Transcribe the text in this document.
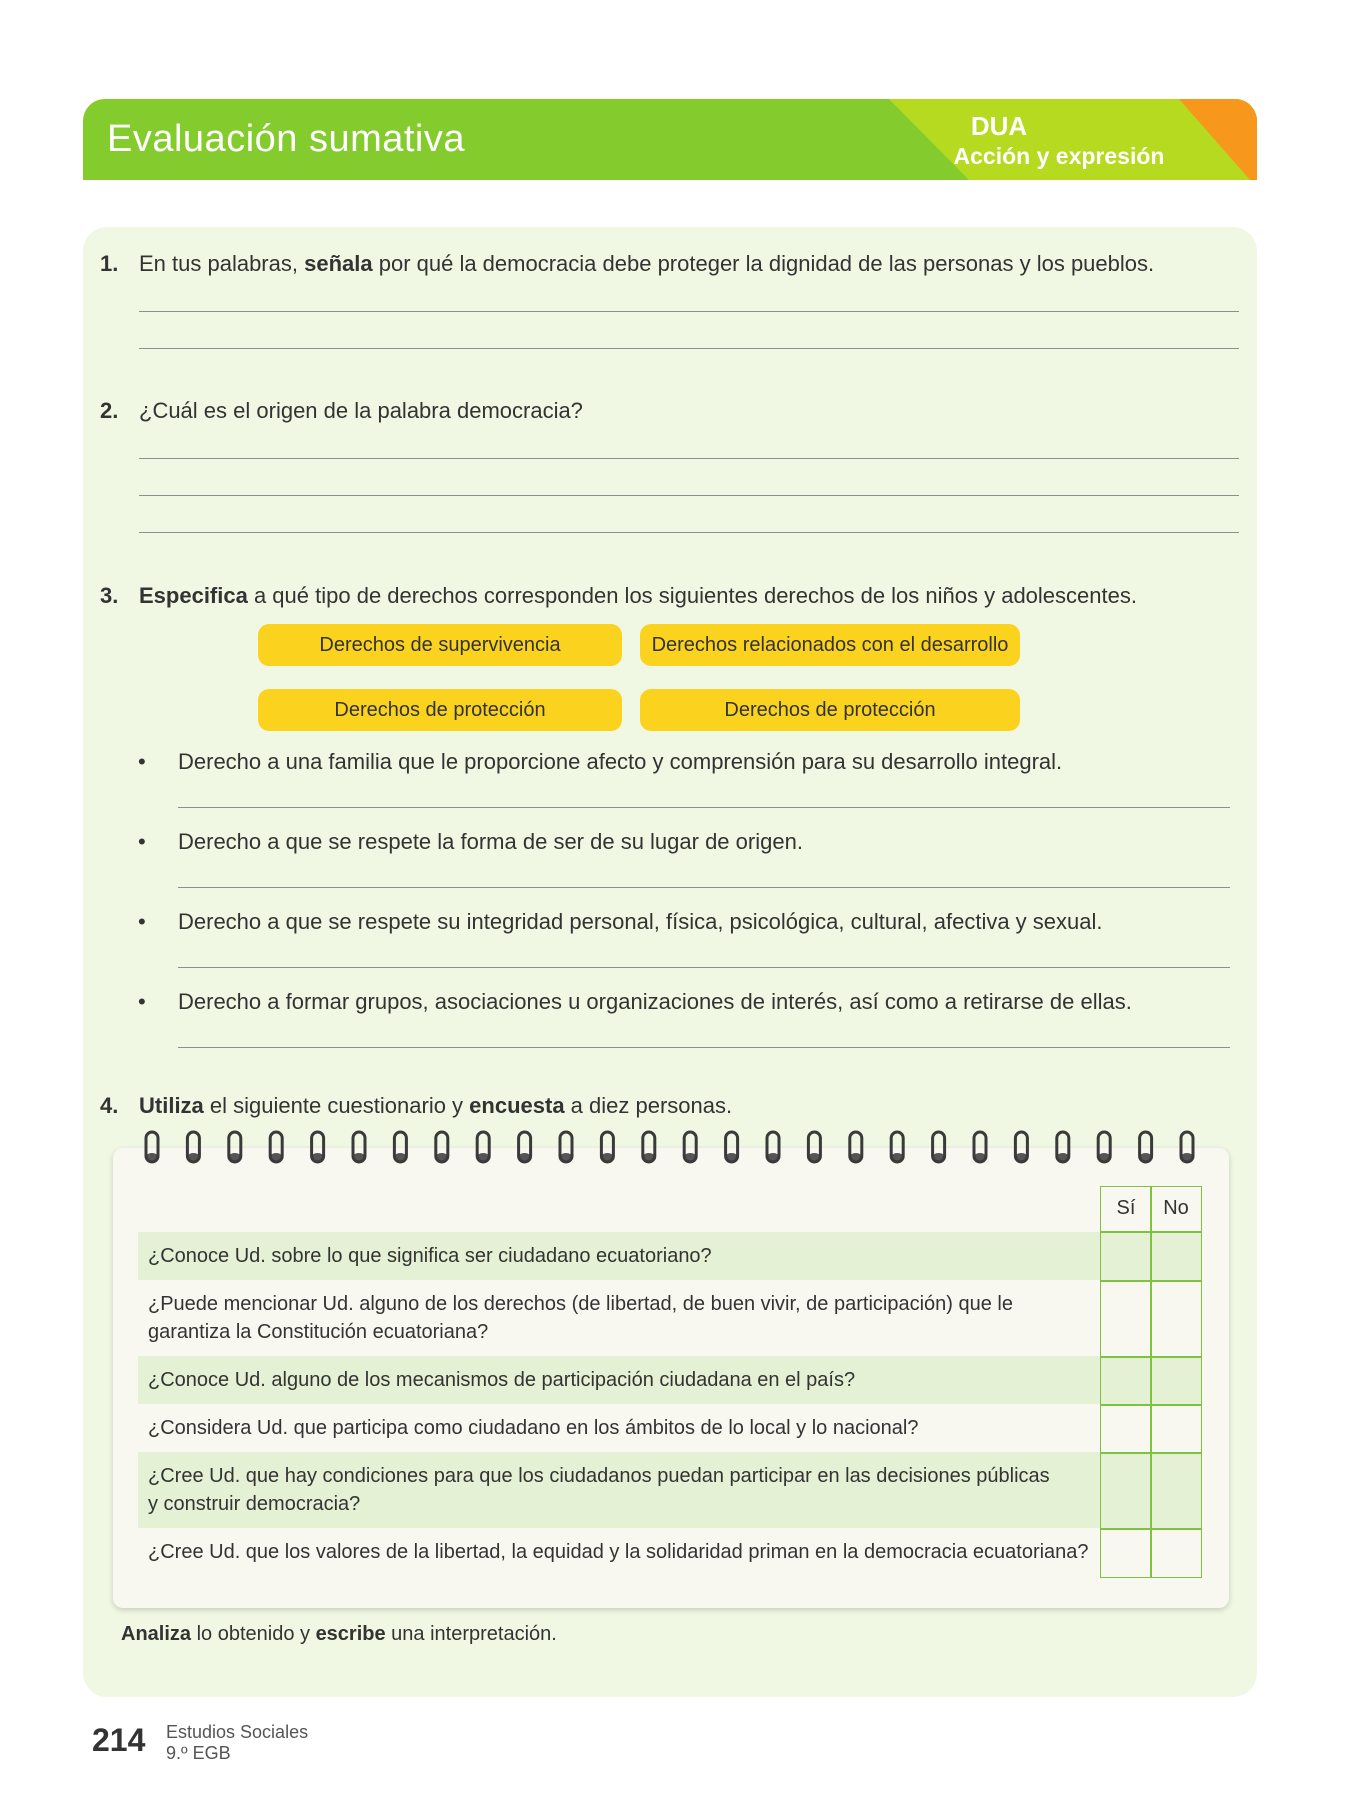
Evaluación sumativa	DUA
Acción y expresión
1. En tus palabras, señala por qué la democracia debe proteger la dignidad de las personas y los pueblos.
2. ¿Cuál es el origen de la palabra democracia?
3. Especifica a qué tipo de derechos corresponden los siguientes derechos de los niños y adolescentes.
Derechos de supervivencia	Derechos relacionados con el desarrollo
Derechos de protección	Derechos de protección
• Derecho a una familia que le proporcione afecto y comprensión para su desarrollo integral.
• Derecho a que se respete la forma de ser de su lugar de origen.
• Derecho a que se respete su integridad personal, física, psicológica, cultural, afectiva y sexual.
• Derecho a formar grupos, asociaciones u organizaciones de interés, así como a retirarse de ellas.
4. Utiliza el siguiente cuestionario y encuesta a diez personas.
Sí	No
¿Conoce Ud. sobre lo que significa ser ciudadano ecuatoriano?
¿Puede mencionar Ud. alguno de los derechos (de libertad, de buen vivir, de participación) que le
garantiza la Constitución ecuatoriana?
¿Conoce Ud. alguno de los mecanismos de participación ciudadana en el país?
¿Considera Ud. que participa como ciudadano en los ámbitos de lo local y lo nacional?
¿Cree Ud. que hay condiciones para que los ciudadanos puedan participar en las decisiones públicas
y construir democracia?
¿Cree Ud. que los valores de la libertad, la equidad y la solidaridad priman en la democracia ecuatoriana?
Analiza lo obtenido y escribe una interpretación.
214 Estudios Sociales
9.º EGB
